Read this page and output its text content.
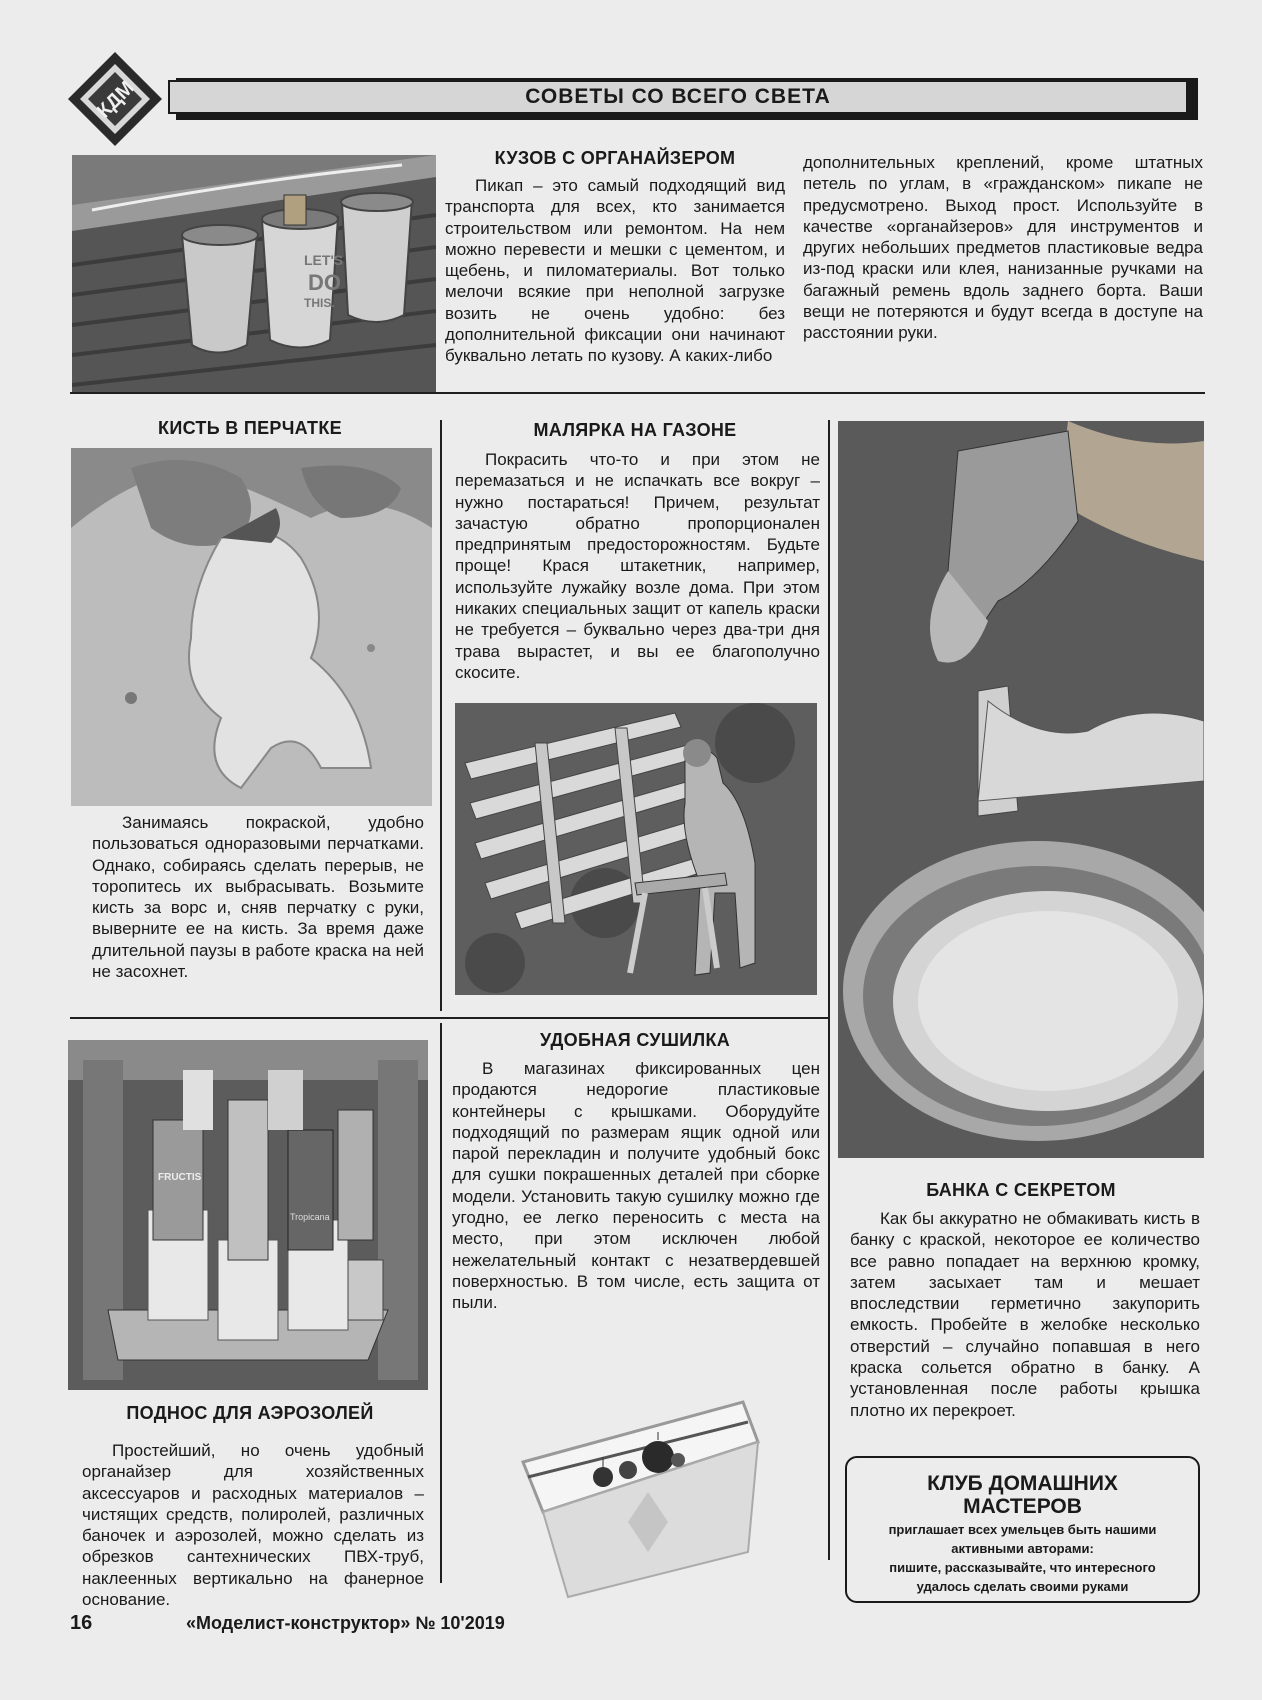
КДМ	СОВЕТЫ СО ВСЕГО СВЕТА
LET'S
DO
THIS.
КУЗОВ С ОРГАНАЙЗЕРОМ

Пикап – это самый подходящий вид транспорта для всех, кто занимается строительством или ремонтом. На нем можно перевести и мешки с цементом, и щебень, и пиломатериалы. Вот только мелочи всякие при неполной загрузке возить не очень удобно: без дополнительной фиксации они начинают буквально летать по кузову. А каких-либо

дополнительных креплений, кроме штатных петель по углам, в «гражданском» пикапе не предусмотрено. Выход прост. Используйте в качестве «органайзеров» для инструментов и других небольших предметов пластиковые ведра из-под краски или клея, нанизанные ручками на багажный ремень вдоль заднего борта. Ваши вещи не потеряются и будут всегда в доступе на расстоянии руки.

КИСТЬ В ПЕРЧАТКЕ

Занимаясь покраской, удобно пользоваться одноразовыми перчатками. Однако, собираясь сделать перерыв, не торопитесь их выбрасывать. Возьмите кисть за ворс и, сняв перчатку с руки, выверните ее на кисть. За время даже длительной паузы в работе краска на ней не засохнет.

МАЛЯРКА НА ГАЗОНЕ

Покрасить что-то и при этом не перемазаться и не испачкать все вокруг – нужно постараться! Причем, результат зачастую обратно пропорционален предпринятым предосторожностям. Будьте проще! Крася штакетник, например, используйте лужайку возле дома. При этом никаких специальных защит от капель краски не требуется – буквально через два-три дня трава вырастет, и вы ее благополучно скосите.

БАНКА С СЕКРЕТОМ

Как бы аккуратно не обмакивать кисть в банку с краской, некоторое ее количество все равно попадает на верхнюю кромку, затем засыхает там и мешает впоследствии герметично закупорить емкость. Пробейте в желобке несколько отверстий – случайно попавшая в него краска сольется обратно в банку. А установленная после работы крышка плотно их перекроет.

КЛУБ ДОМАШНИХ
МАСТЕРОВ
приглашает всех умельцев быть нашими
активными авторами:
пишите, рассказывайте, что интересного
удалось сделать своими руками
FRUCTIS
Tropicana
ПОДНОС ДЛЯ АЭРОЗОЛЕЙ

Простейший, но очень удобный органайзер для хозяйственных аксессуаров и расходных материалов – чистящих средств, полиролей, различных баночек и аэрозолей, можно сделать из обрезков сантехнических ПВХ-труб, наклеенных вертикально на фанерное основание.

УДОБНАЯ СУШИЛКА

В магазинах фиксированных цен продаются недорогие пластиковые контейнеры с крышками. Оборудуйте подходящий по размерам ящик одной или парой перекладин и получите удобный бокс для сушки покрашенных деталей при сборке модели. Установить такую сушилку можно где угодно, ее легко переносить с места на место, при этом исключен любой нежелательный контакт с незатвердевшей поверхностью. В том числе, есть защита от пыли.

16	«Моделист-конструктор» № 10'2019
